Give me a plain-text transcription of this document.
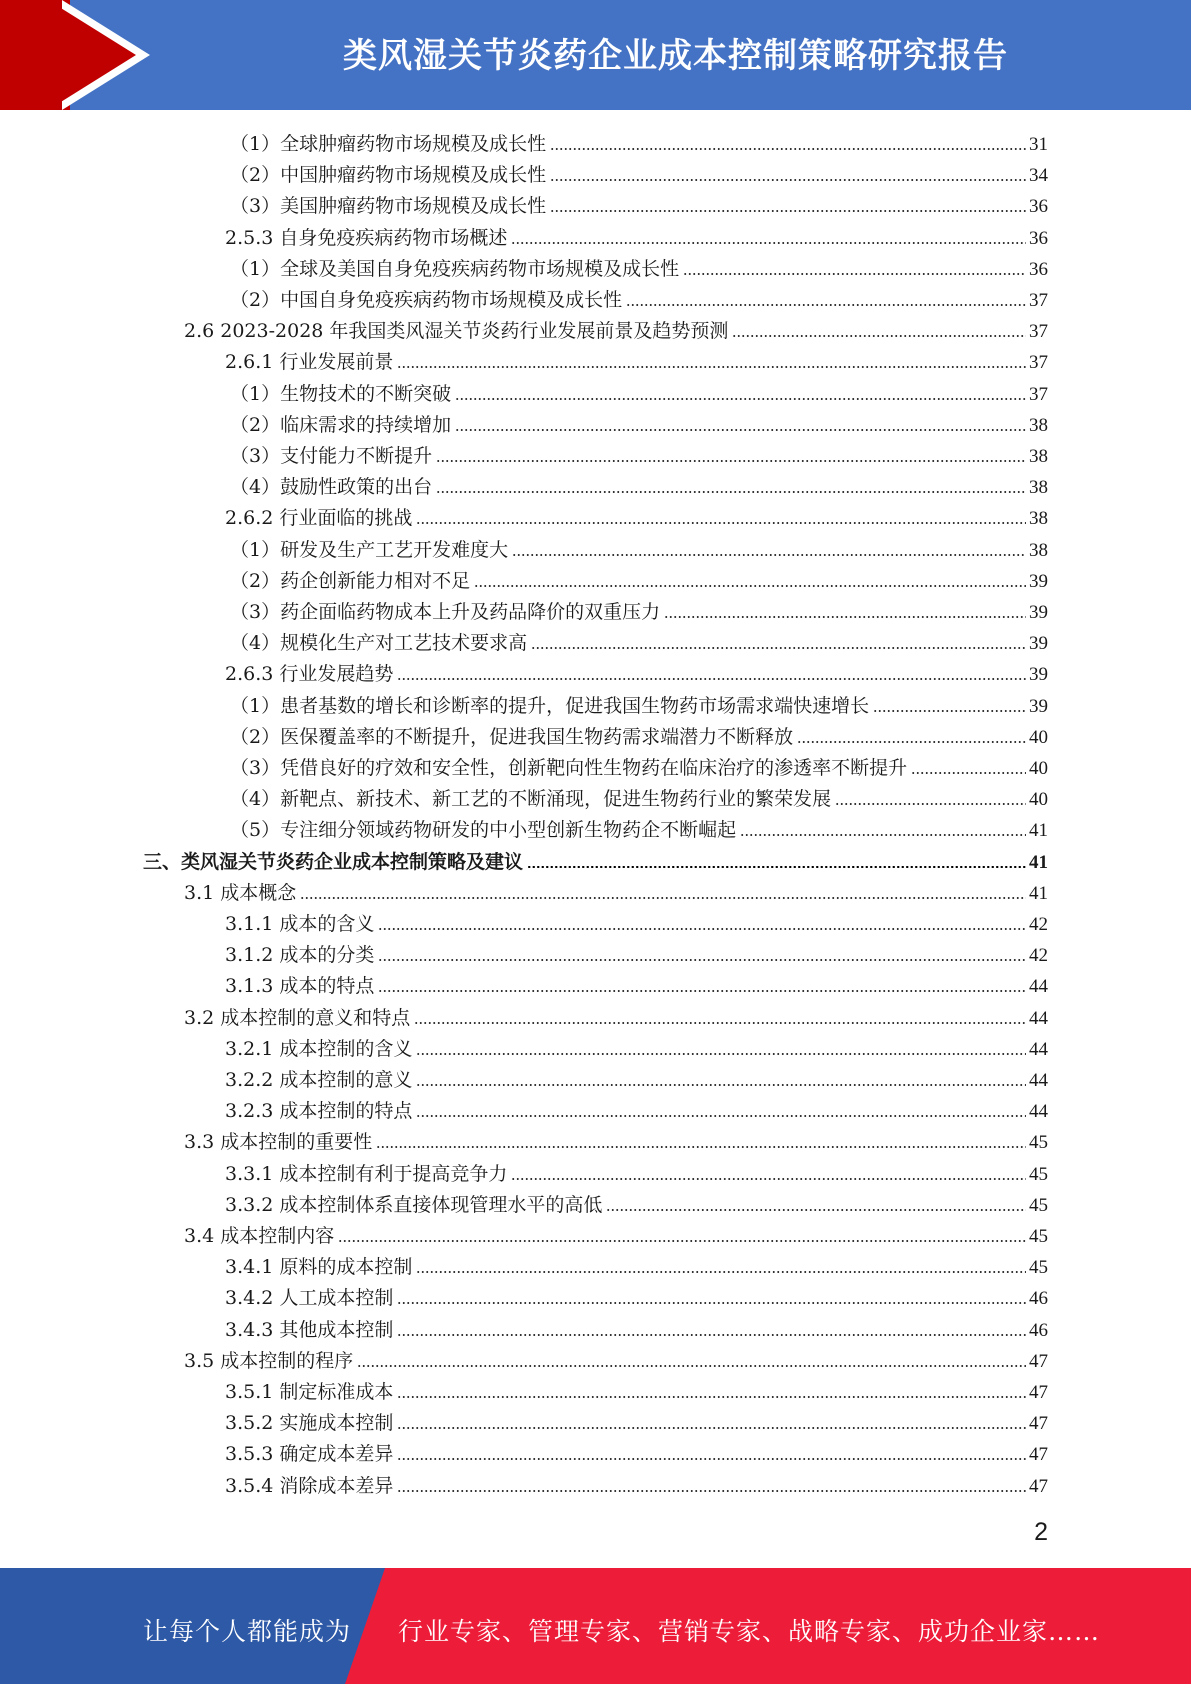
类风湿关节炎药企业成本控制策略研究报告
（1）全球肿瘤药物市场规模及成长性	31
（2）中国肿瘤药物市场规模及成长性	34
（3）美国肿瘤药物市场规模及成长性	36
2.5.3 自身免疫疾病药物市场概述	36
（1）全球及美国自身免疫疾病药物市场规模及成长性	36
（2）中国自身免疫疾病药物市场规模及成长性	37
2.6 2023-2028 年我国类风湿关节炎药行业发展前景及趋势预测	37
2.6.1 行业发展前景	37
（1）生物技术的不断突破	37
（2）临床需求的持续增加	38
（3）支付能力不断提升	38
（4）鼓励性政策的出台	38
2.6.2 行业面临的挑战	38
（1）研发及生产工艺开发难度大	38
（2）药企创新能力相对不足	39
（3）药企面临药物成本上升及药品降价的双重压力	39
（4）规模化生产对工艺技术要求高	39
2.6.3 行业发展趋势	39
（1）患者基数的增长和诊断率的提升，促进我国生物药市场需求端快速增长	39
（2）医保覆盖率的不断提升，促进我国生物药需求端潜力不断释放	40
（3）凭借良好的疗效和安全性，创新靶向性生物药在临床治疗的渗透率不断提升	40
（4）新靶点、新技术、新工艺的不断涌现，促进生物药行业的繁荣发展	40
（5）专注细分领域药物研发的中小型创新生物药企不断崛起	41
三、类风湿关节炎药企业成本控制策略及建议	41
3.1 成本概念	41
3.1.1 成本的含义	42
3.1.2 成本的分类	42
3.1.3 成本的特点	44
3.2 成本控制的意义和特点	44
3.2.1 成本控制的含义	44
3.2.2 成本控制的意义	44
3.2.3 成本控制的特点	44
3.3 成本控制的重要性	45
3.3.1 成本控制有利于提高竞争力	45
3.3.2 成本控制体系直接体现管理水平的高低	45
3.4 成本控制内容	45
3.4.1 原料的成本控制	45
3.4.2 人工成本控制	46
3.4.3 其他成本控制	46
3.5 成本控制的程序	47
3.5.1 制定标准成本	47
3.5.2 实施成本控制	47
3.5.3 确定成本差异	47
3.5.4 消除成本差异	47
2
让每个人都能成为 行业专家、管理专家、营销专家、战略专家、成功企业家……
